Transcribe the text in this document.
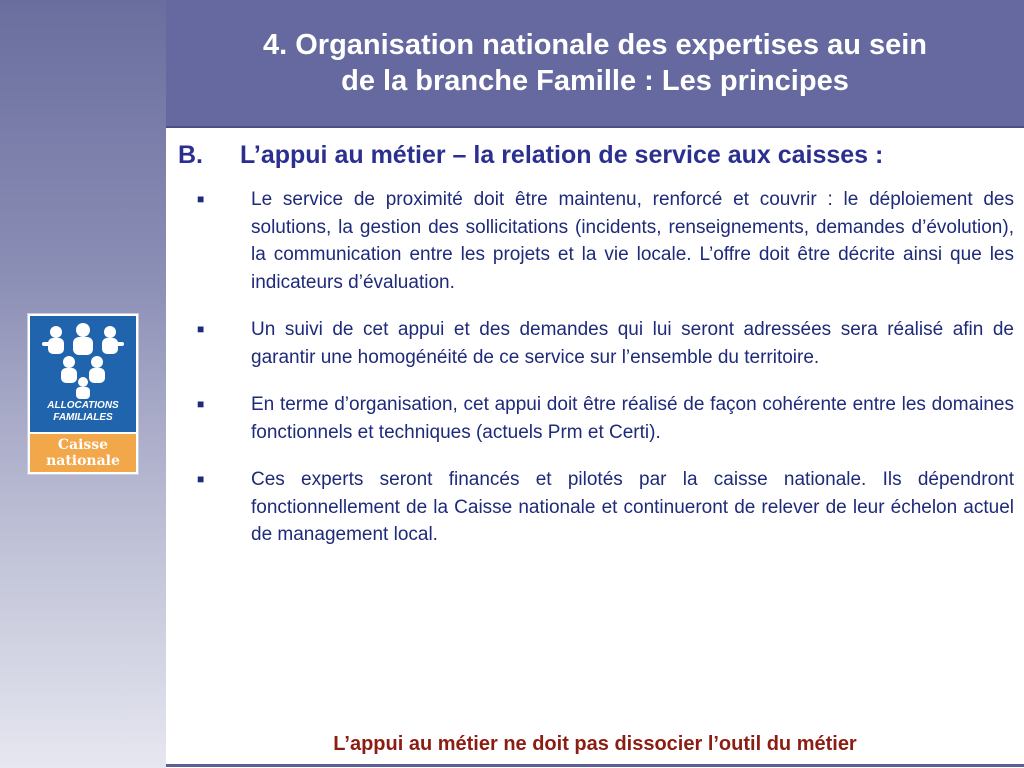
4. Organisation nationale des expertises au sein
de la branche Famille : Les principes
ALLOCATIONS FAMILIALES
Caisse
nationale
B.	L’appui au métier – la relation de service aux caisses :
■	Le service de proximité doit être maintenu, renforcé et couvrir : le déploiement des solutions, la gestion des sollicitations (incidents, renseignements, demandes d’évolution), la communication entre les projets et la vie locale. L’offre doit être décrite ainsi que les indicateurs d’évaluation.
■	Un suivi de cet appui et des demandes qui lui seront adressées sera réalisé afin de garantir une homogénéité de ce service sur l’ensemble du territoire.
■	En terme d’organisation, cet appui doit être réalisé de façon cohérente entre les domaines fonctionnels et techniques (actuels Prm et Certi).
■	Ces experts seront financés et pilotés par la caisse nationale. Ils dépendront fonctionnellement de la Caisse nationale et continueront de relever de leur échelon actuel de management local.
L’appui au métier ne doit pas dissocier l’outil du métier
